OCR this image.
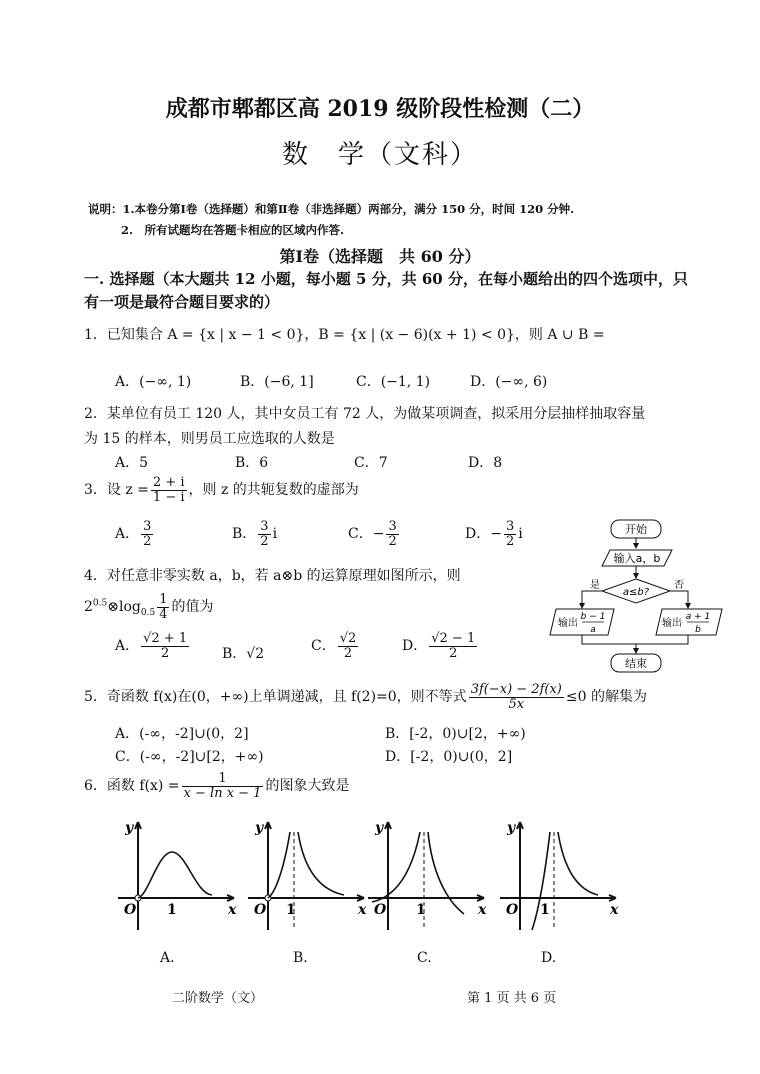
成都市郫都区高 2019 级阶段性检测（二）
数　学（文科）
说明：1.本卷分第Ⅰ卷（选择题）和第Ⅱ卷（非选择题）两部分，满分 150 分，时间 120 分钟.
2.　所有试题均在答题卡相应的区域内作答.
第Ⅰ卷（选择题　共 60 分）
一. 选择题（本大题共 12 小题，每小题 5 分，共 60 分，在每小题给出的四个选项中，只
有一项是最符合题目要求的）
1．已知集合 A = {x | x − 1 < 0}，B = {x | (x − 6)(x + 1) < 0}，则 A ∪ B =
A．(−∞, 1)	B．(−6, 1]	C．(−1, 1)	D．(−∞, 6)
2．某单位有员工 120 人，其中女员工有 72 人，为做某项调查，拟采用分层抽样抽取容量
为 15 的样本，则男员工应选取的人数是
A．5	B．6	C．7	D．8
3．设 $z = \frac{2 + i}{1 - i}$ ，则 z 的共轭复数的虚部为
A． $\frac{3}{2}$	B． $\frac{3}{2}$ i	C．− $\frac{3}{2}$	D．− $\frac{3}{2}$ i
4．对任意非零实数 a，b，若 a⊗b 的运算原理如图所示，则
$2^{0.5}\otimes\log_{0.5} \frac{1}{4}$ 的值为
A． $\frac{√2 + 1}{2}$ B．√2	C． $\frac{√2}{2}$	D． $\frac{√2 - 1}{2}$
开始
输入a，b
a≤b?
是	否
输出
b − 1
a
输出
a + 1
b
结束
5．奇函数 f(x)在(0，+∞)上单调递减，且 f(2)=0，则不等式 $\frac{3f(-x) - 2f(x)}{5x} \le 0$ 的解集为
A．(-∞，-2]∪(0，2]	B．[-2，0)∪[2，+∞)
C．(-∞，-2]∪[2，+∞)	D．[-2，0)∪(0，2]
6．函数 $f(x) = \frac{1}{\text{x − ln x − 1}}$ 的图象大致是
y
x
O 1
y
x
O 1
y
x
O 1
y
x
O 1
A.	B.	C.	D.
二阶数学（文）	第 1 页 共 6 页
